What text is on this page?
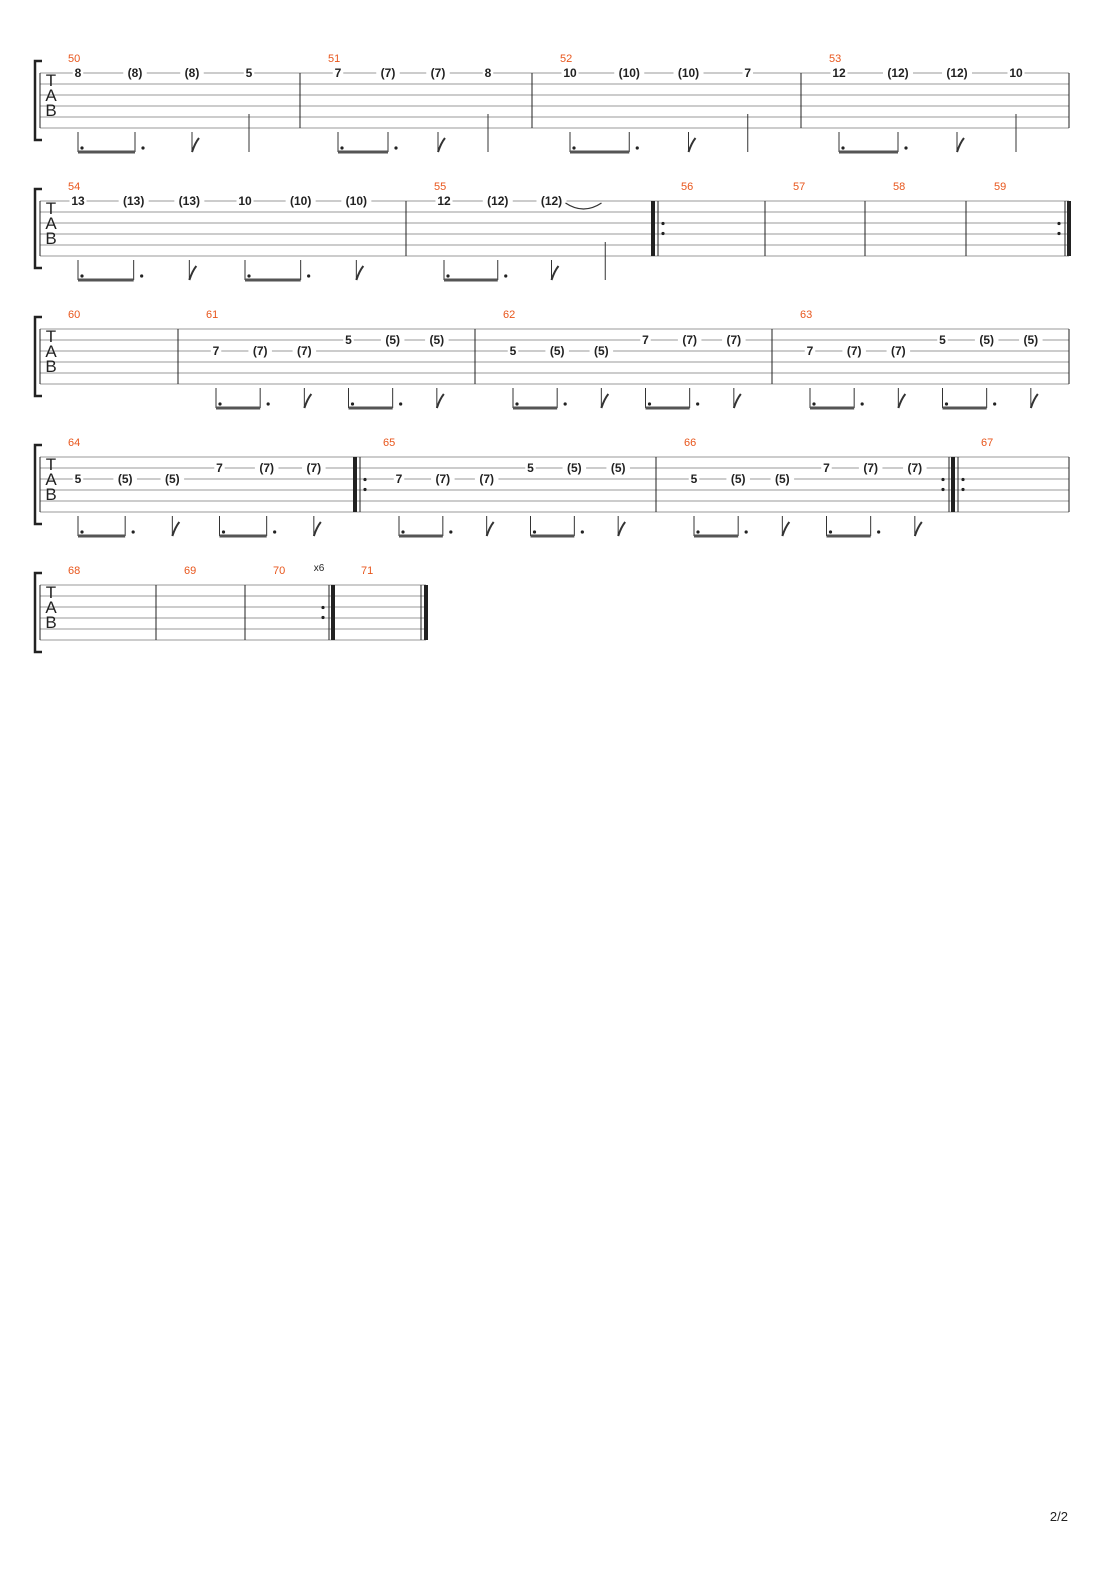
T
A
B
50
8	(8)	(8)	5
51
7	(7)	(7)	8
52
10	(10)	(10)	7
53
12	(12)	(12)	10
T
A
B
54
13	(13)	(13)	10	(10)	(10)
55
12	(12)	(12)
56	57	58	59
T
A
B
60	61
7	(7) (7)
5	(5) (5)
62
5	(5) (5)
7	(7) (7)
63
7	(7) (7)
5	(5) (5)
T
A
B
64
5	(5)	(5)
7	(7)	(7)
65
7	(7) (7)
5	(5) (5)
66
5	(5) (5)
7	(7) (7)
67
T
A
B
68	69	70	x6	71
2/2
